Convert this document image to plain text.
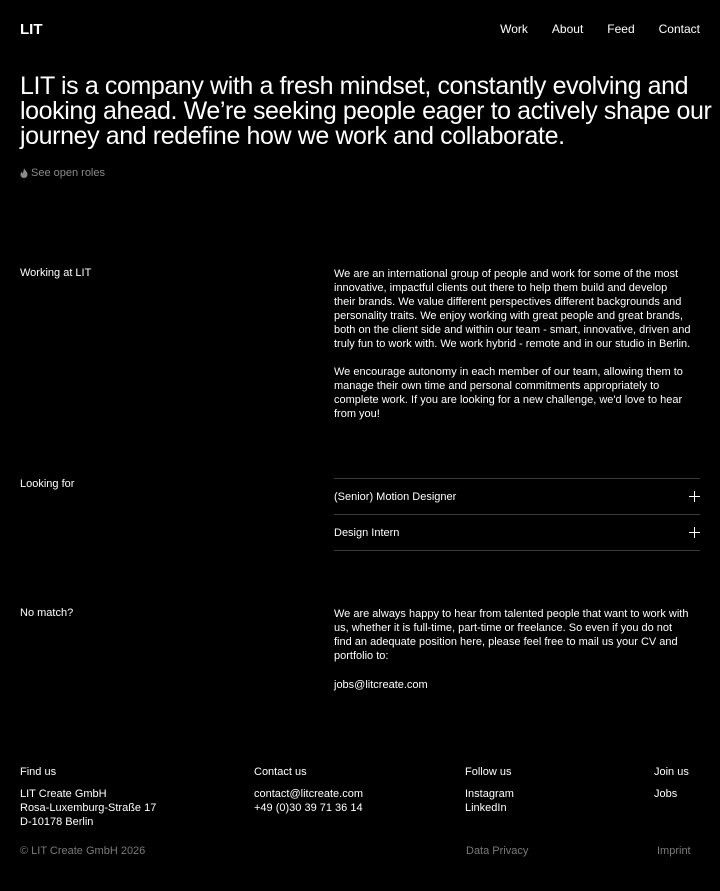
LIT	Work About Feed Contact
LIT is a company with a fresh mindset, constantly evolving and
looking ahead. We’re seeking people eager to actively shape our
journey and redefine how we work and collaborate.
See open roles
Working at LIT	We are an international group of people and work for some of the most
innovative, impactful clients out there to help them build and develop
their brands. We value different perspectives different backgrounds and
personality traits. We enjoy working with great people and great brands,
both on the client side and within our team - smart, innovative, driven and
truly fun to work with. We work hybrid - remote and in our studio in Berlin.

We encourage autonomy in each member of our team, allowing them to
manage their own time and personal commitments appropriately to
complete work. If you are looking for a new challenge, we'd love to hear
from you!

Looking for
(Senior) Motion Designer
Design Intern
No match?	We are always happy to hear from talented people that want to work with
us, whether it is full-time, part-time or freelance. So even if you do not
find an adequate position here, please feel free to mail us your CV and
portfolio to:

jobs@litcreate.com
Find us
LIT Create GmbH
Rosa-Luxemburg-Straße 17
D-10178 Berlin
Contact us
contact@litcreate.com
+49 (0)30 39 71 36 14
Follow us
Instagram
LinkedIn
Join us
Jobs
© LIT Create GmbH 2026	Data Privacy	Imprint
